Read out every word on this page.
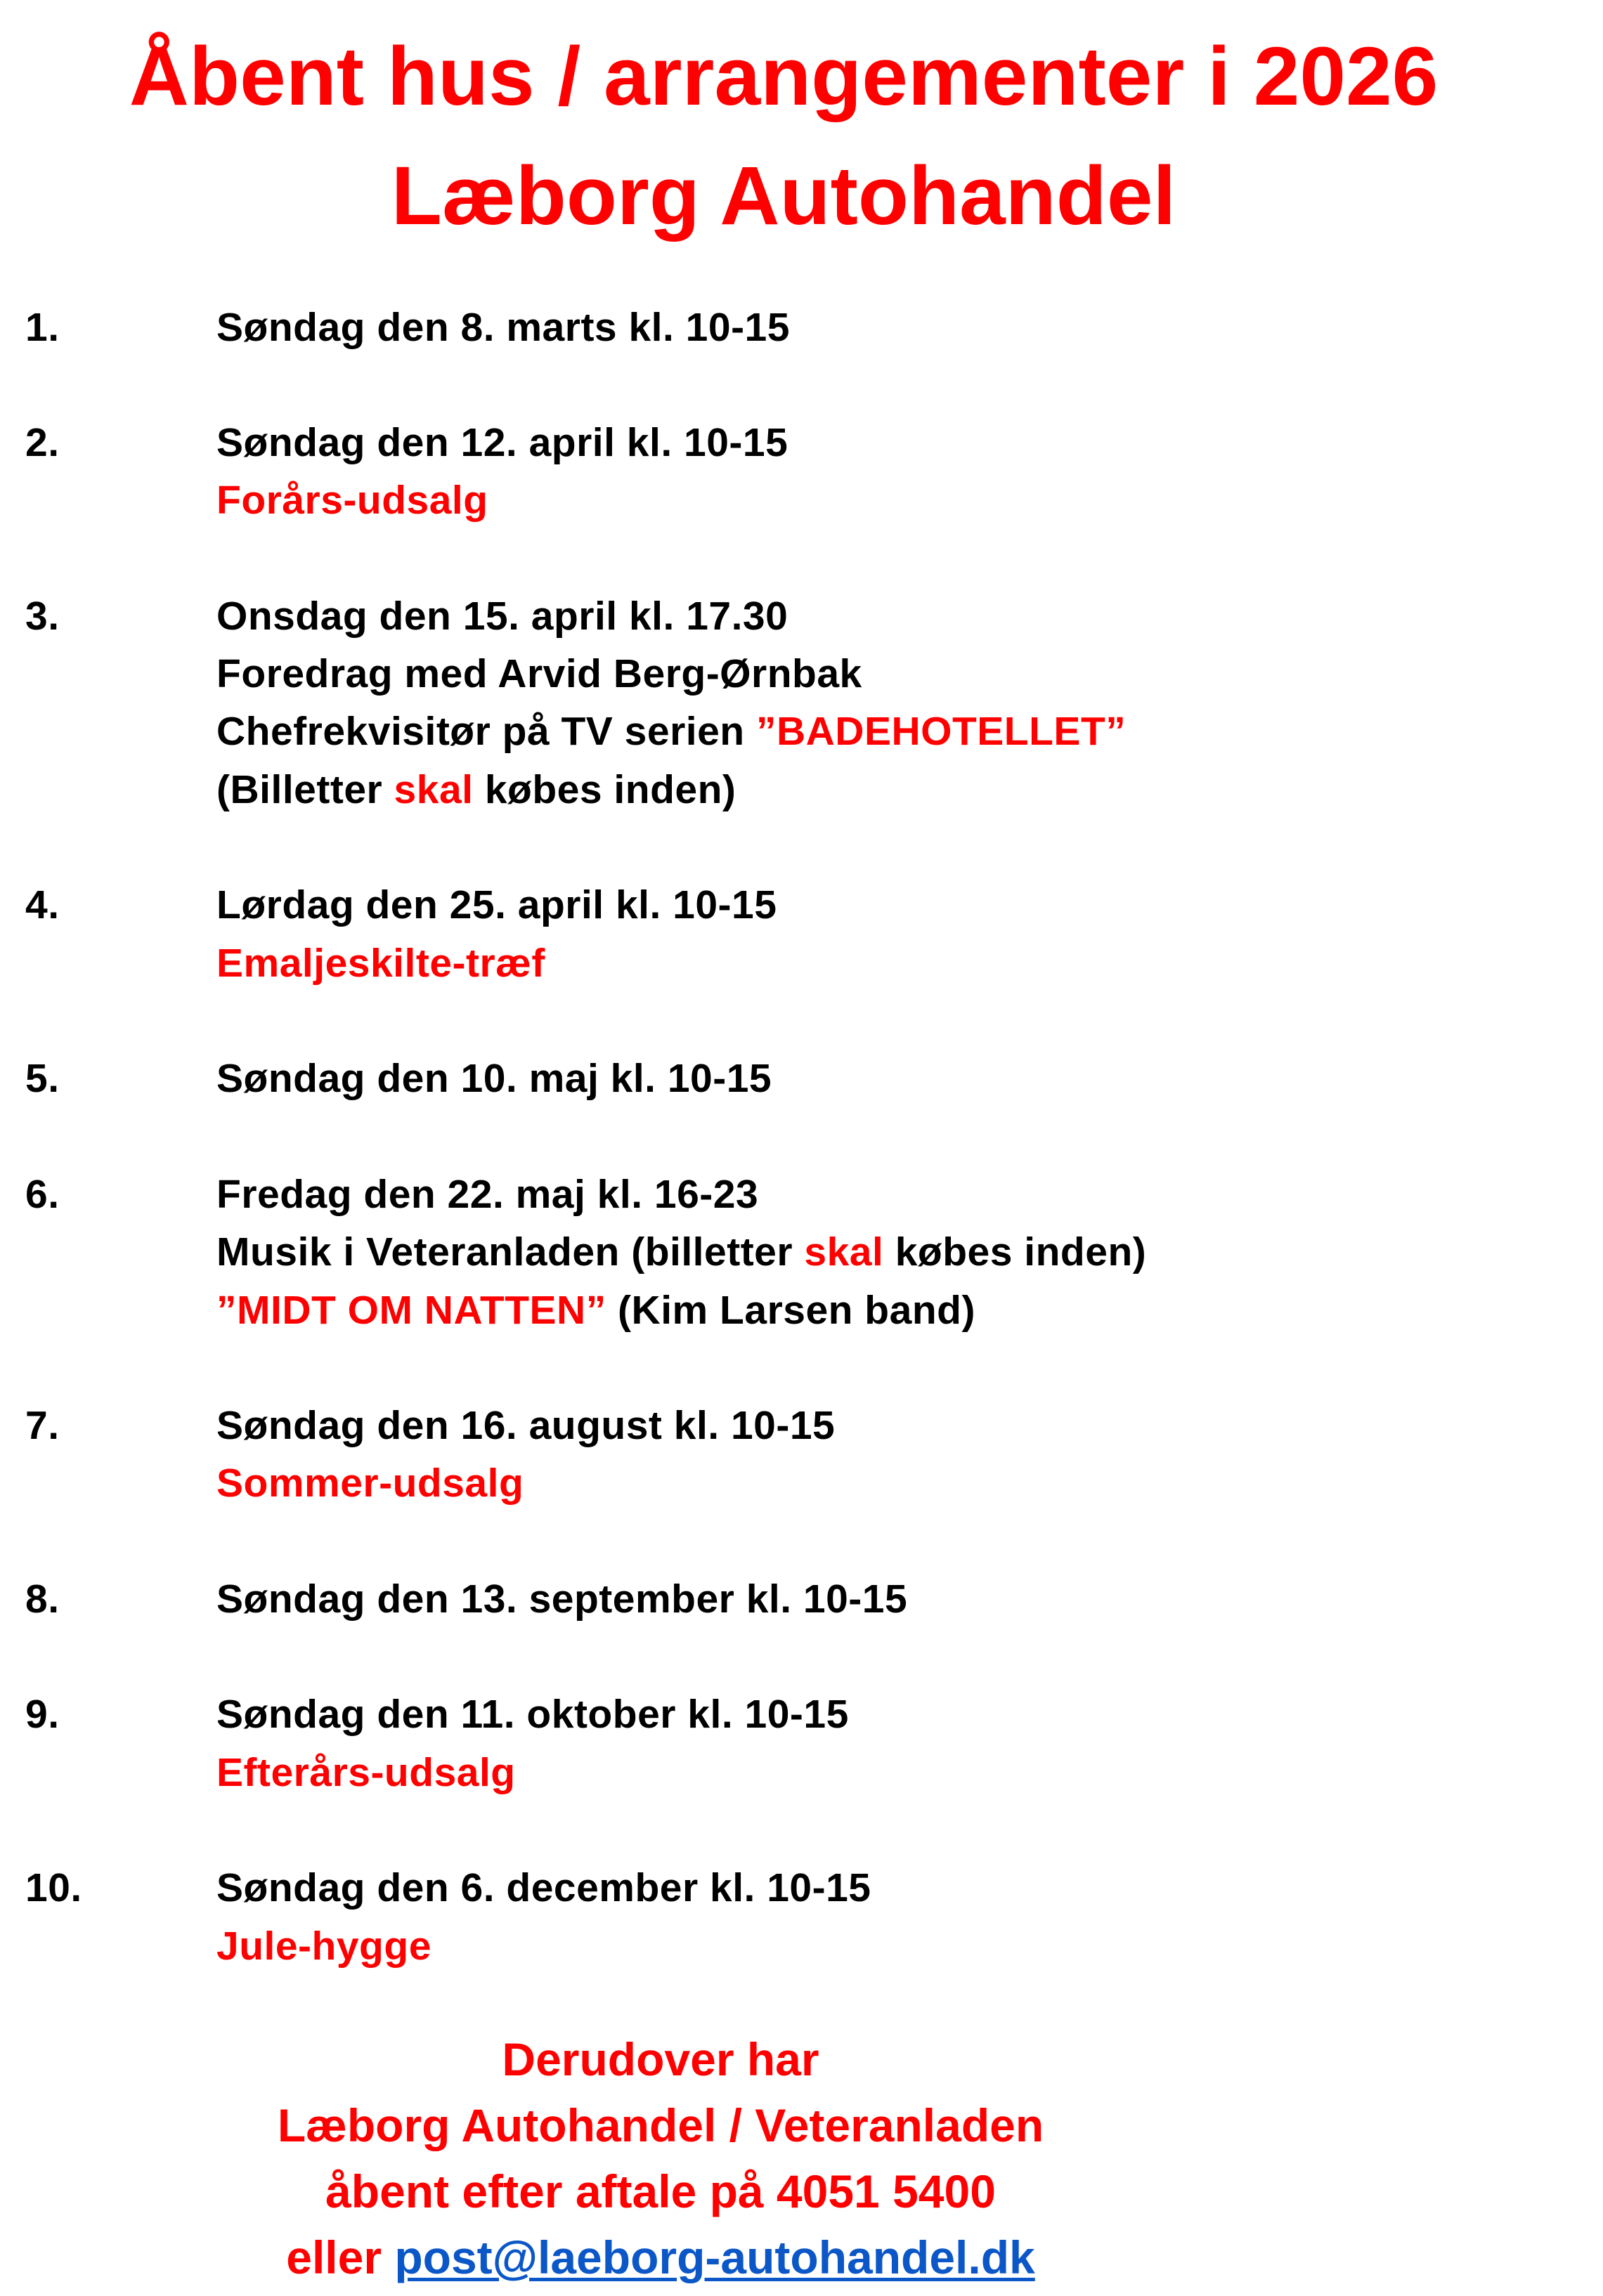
Åbent hus / arrangementer i 2026
Læborg Autohandel
1.	Søndag den 8. marts kl. 10-15
2.	Søndag den 12. april kl. 10-15
Forårs-udsalg
3.	Onsdag den 15. april kl. 17.30
Foredrag med Arvid Berg-Ørnbak
Chefrekvisitør på TV serien ”BADEHOTELLET”
(Billetter skal købes inden)
4.	Lørdag den 25. april kl. 10-15
Emaljeskilte-træf
5.	Søndag den 10. maj kl. 10-15
6.	Fredag den 22. maj kl. 16-23
Musik i Veteranladen (billetter skal købes inden)
”MIDT OM NATTEN” (Kim Larsen band)
7.	Søndag den 16. august kl. 10-15
Sommer-udsalg
8.	Søndag den 13. september kl. 10-15
9.	Søndag den 11. oktober kl. 10-15
Efterårs-udsalg
10.	Søndag den 6. december kl. 10-15
Jule-hygge
Derudover har
Læborg Autohandel / Veteranladen
åbent efter aftale på 4051 5400
eller post@laeborg-autohandel.dk
